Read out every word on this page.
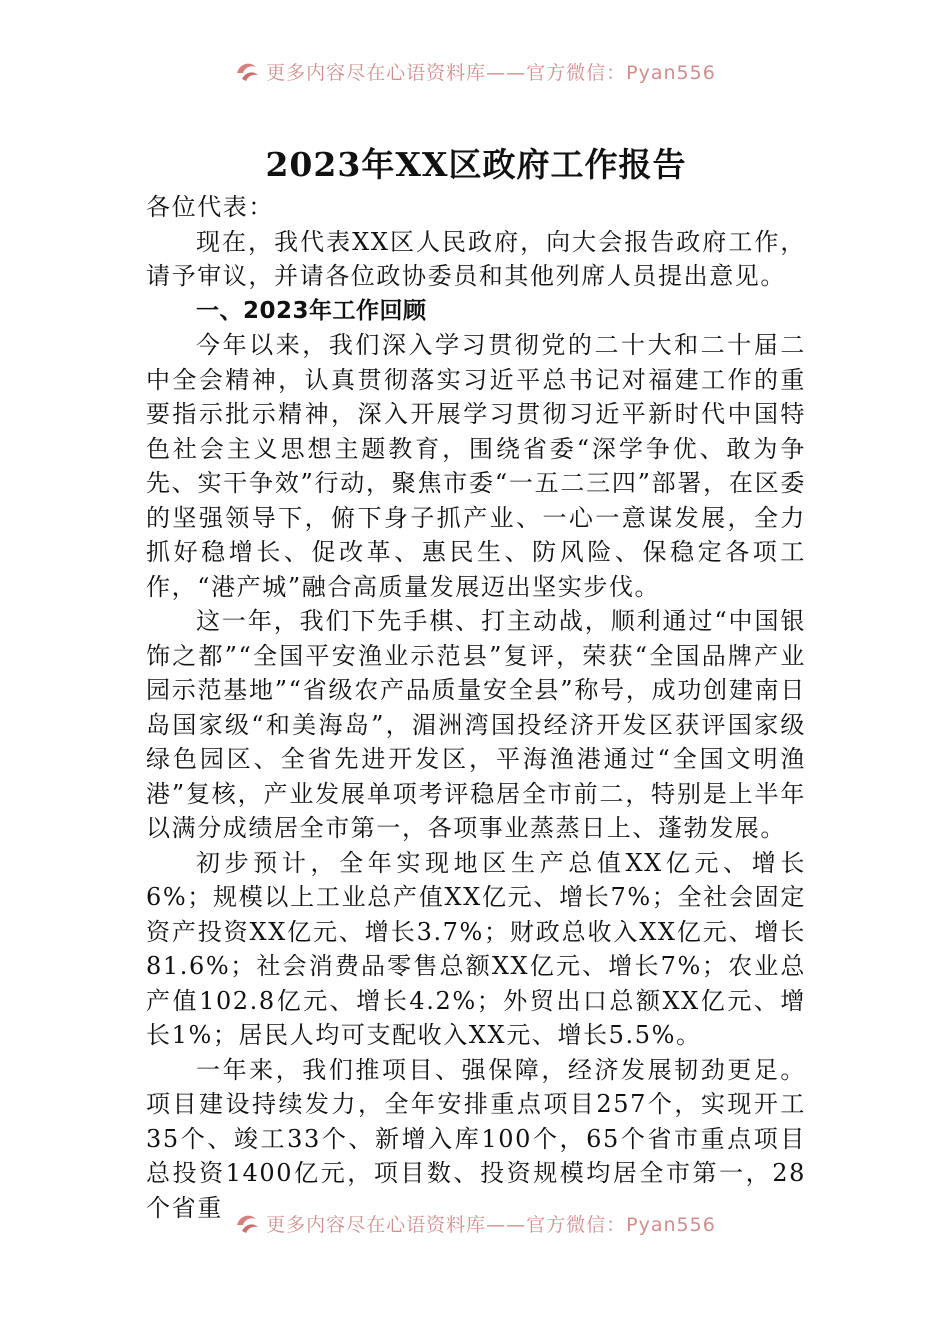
更多内容尽在心语资料库——官方微信：Pyan556
2023年XX区政府工作报告

各位代表：

现在，我代表XX区人民政府，向大会报告政府工作，请予审议，并请各位政协委员和其他列席人员提出意见。

一、2023年工作回顾

今年以来，我们深入学习贯彻党的二十大和二十届二中全会精神，认真贯彻落实习近平总书记对福建工作的重要指示批示精神，深入开展学习贯彻习近平新时代中国特色社会主义思想主题教育，围绕省委“深学争优、敢为争先、实干争效”行动，聚焦市委“一五二三四”部署，在区委的坚强领导下，俯下身子抓产业、一心一意谋发展，全力抓好稳增长、促改革、惠民生、防风险、保稳定各项工作，“港产城”融合高质量发展迈出坚实步伐。

这一年，我们下先手棋、打主动战，顺利通过“中国银饰之都”“全国平安渔业示范县”复评，荣获“全国品牌产业园示范基地”“省级农产品质量安全县”称号，成功创建南日岛国家级“和美海岛”，湄洲湾国投经济开发区获评国家级绿色园区、全省先进开发区，平海渔港通过“全国文明渔港”复核，产业发展单项考评稳居全市前二，特别是上半年以满分成绩居全市第一，各项事业蒸蒸日上、蓬勃发展。

初步预计，全年实现地区生产总值XX亿元、增长6%；规模以上工业总产值XX亿元、增长7%；全社会固定资产投资XX亿元、增长3.7%；财政总收入XX亿元、增长81.6%；社会消费品零售总额XX亿元、增长7%；农业总产值102.8亿元、增长4.2%；外贸出口总额XX亿元、增长1%；居民人均可支配收入XX元、增长5.5%。

一年来，我们推项目、强保障，经济发展韧劲更足。项目建设持续发力，全年安排重点项目257个，实现开工35个、竣工33个、新增入库100个，65个省市重点项目总投资1400亿元，项目数、投资规模均居全市第一，28个省重

更多内容尽在心语资料库——官方微信：Pyan556
